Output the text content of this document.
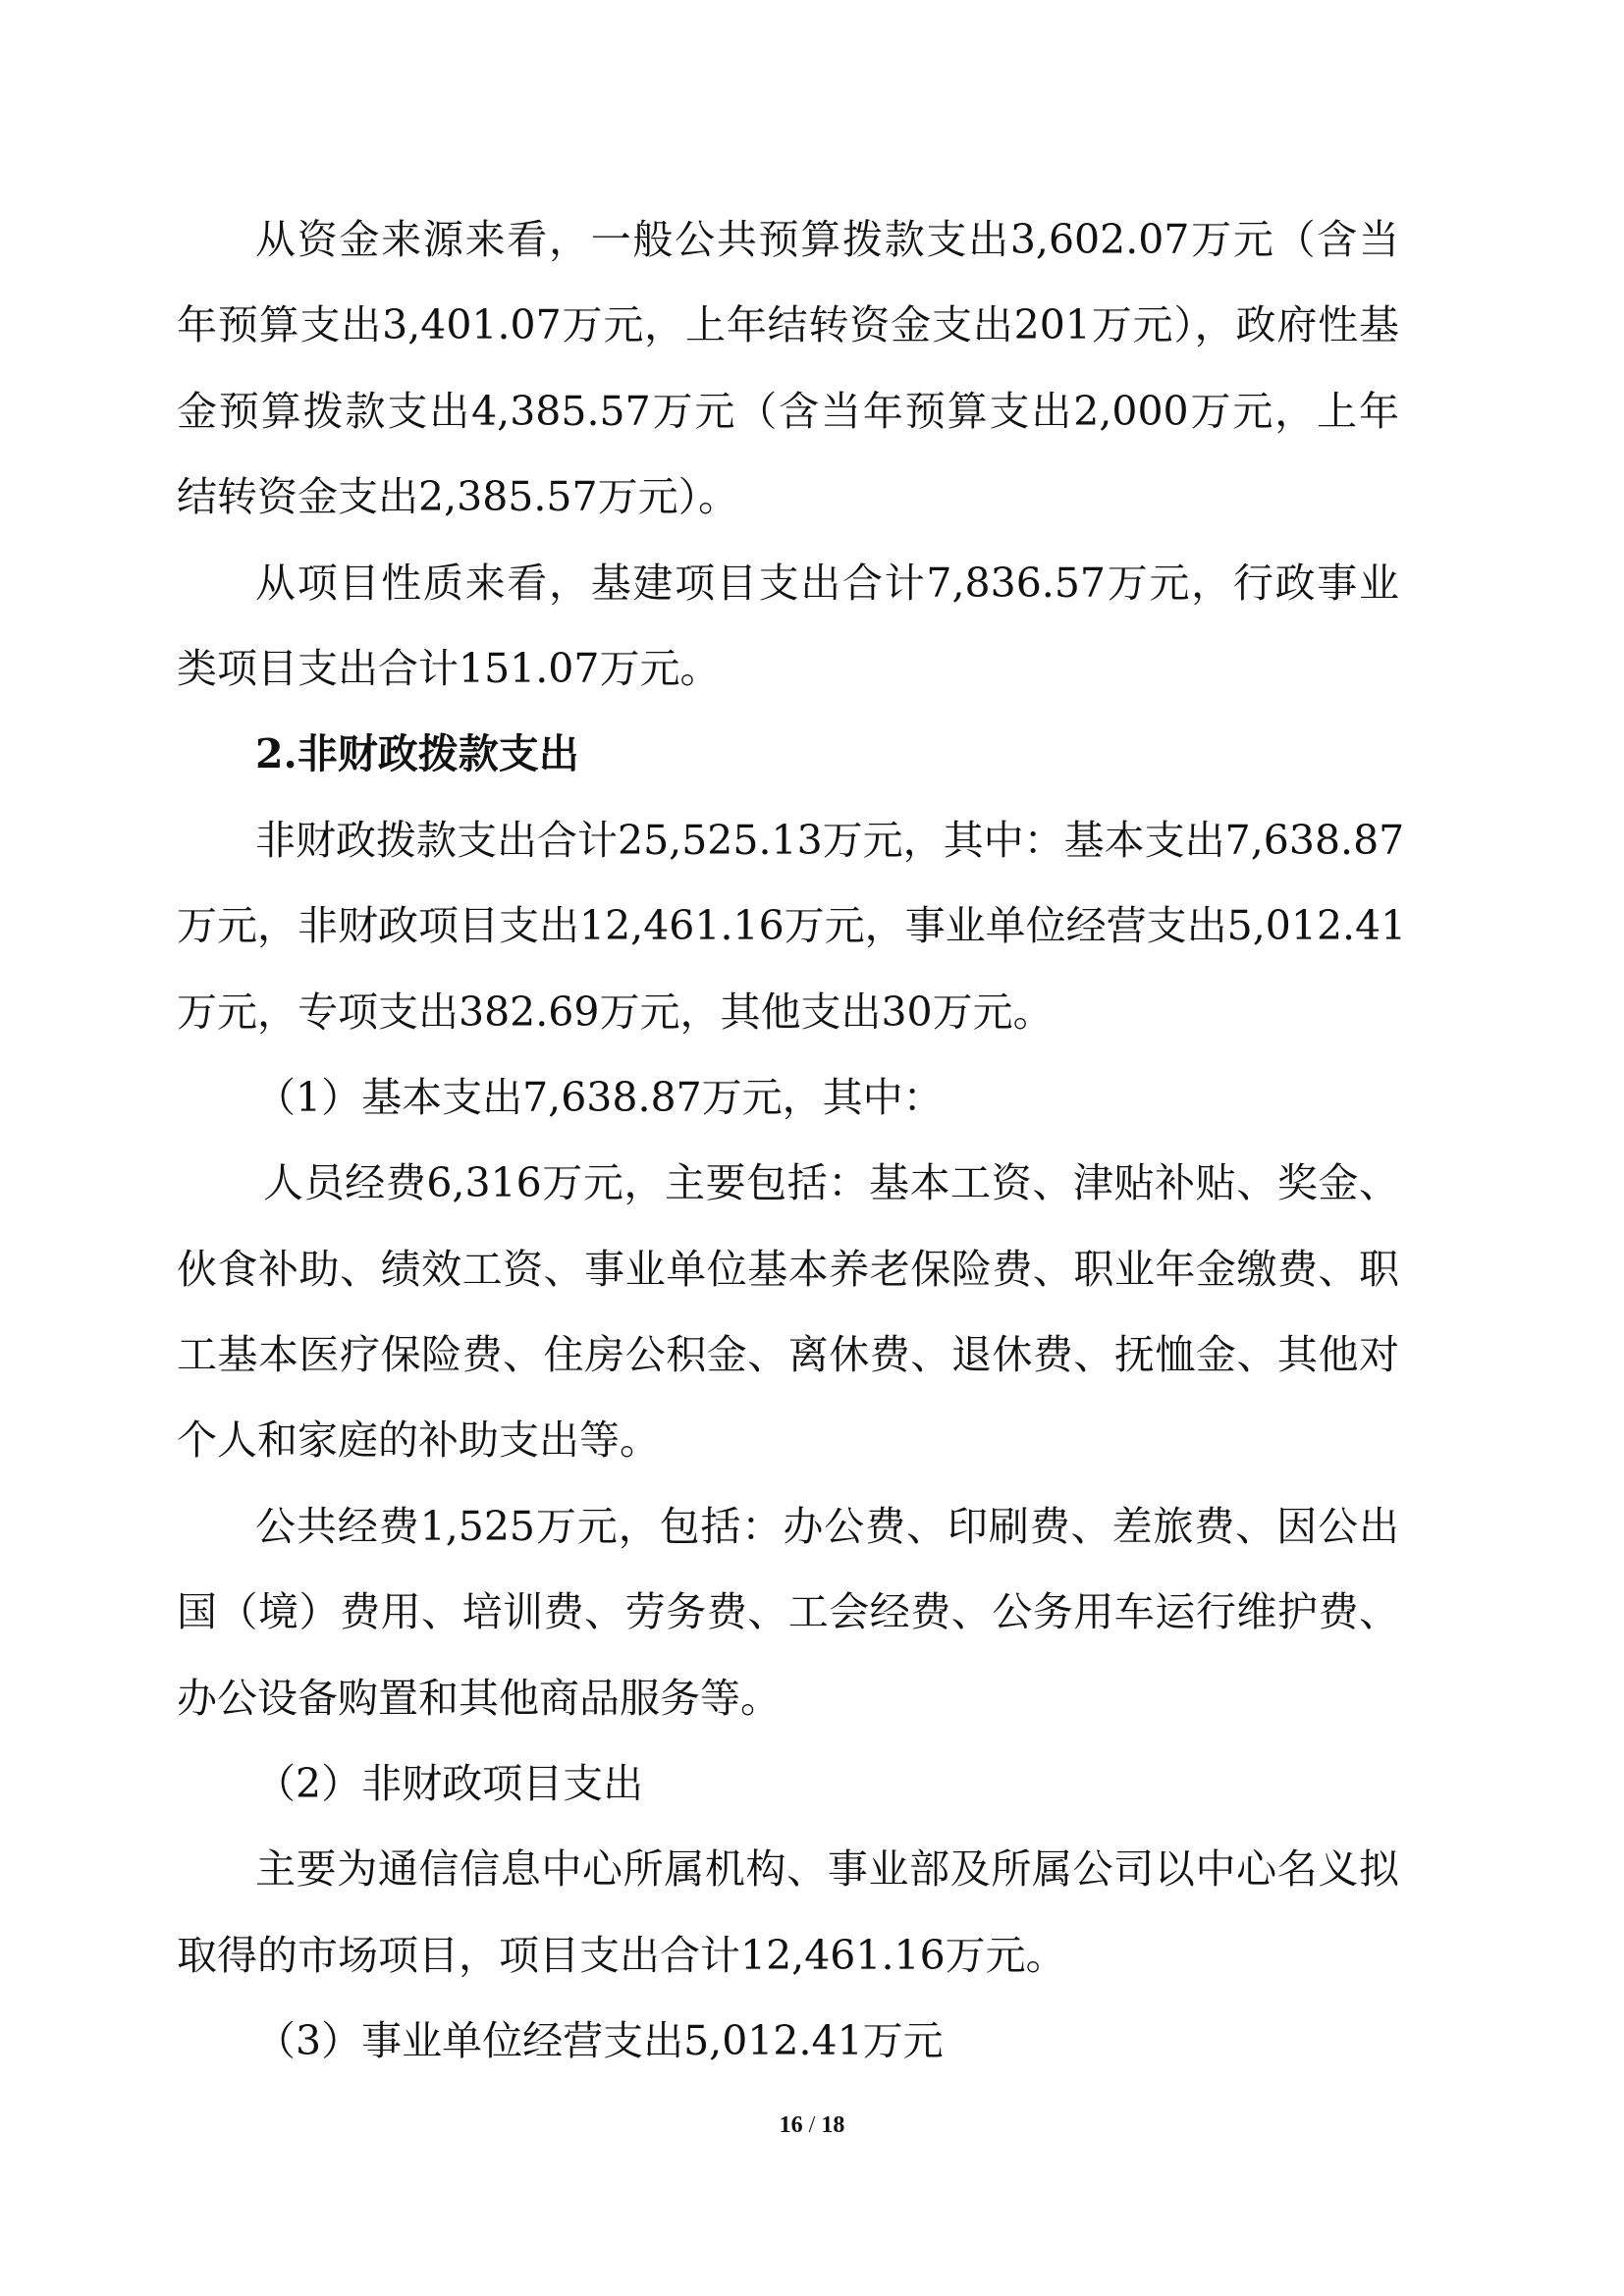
从资金来源来看，一般公共预算拨款支出3,602.07万元（含当
年预算支出3,401.07万元，上年结转资金支出201万元），政府性基
金预算拨款支出4,385.57万元（含当年预算支出2,000万元，上年
结转资金支出2,385.57万元）。
从项目性质来看，基建项目支出合计7,836.57万元，行政事业
类项目支出合计151.07万元。
2.非财政拨款支出
非财政拨款支出合计25,525.13万元，其中：基本支出7,638.87
万元，非财政项目支出12,461.16万元，事业单位经营支出5,012.41
万元，专项支出382.69万元，其他支出30万元。
（1）基本支出7,638.87万元，其中：
人员经费6,316万元，主要包括：基本工资、津贴补贴、奖金、
伙食补助、绩效工资、事业单位基本养老保险费、职业年金缴费、职
工基本医疗保险费、住房公积金、离休费、退休费、抚恤金、其他对
个人和家庭的补助支出等。
公共经费1,525万元，包括：办公费、印刷费、差旅费、因公出
国（境）费用、培训费、劳务费、工会经费、公务用车运行维护费、
办公设备购置和其他商品服务等。
（2）非财政项目支出
主要为通信信息中心所属机构、事业部及所属公司以中心名义拟
取得的市场项目，项目支出合计12,461.16万元。
（3）事业单位经营支出5,012.41万元
16 / 18
